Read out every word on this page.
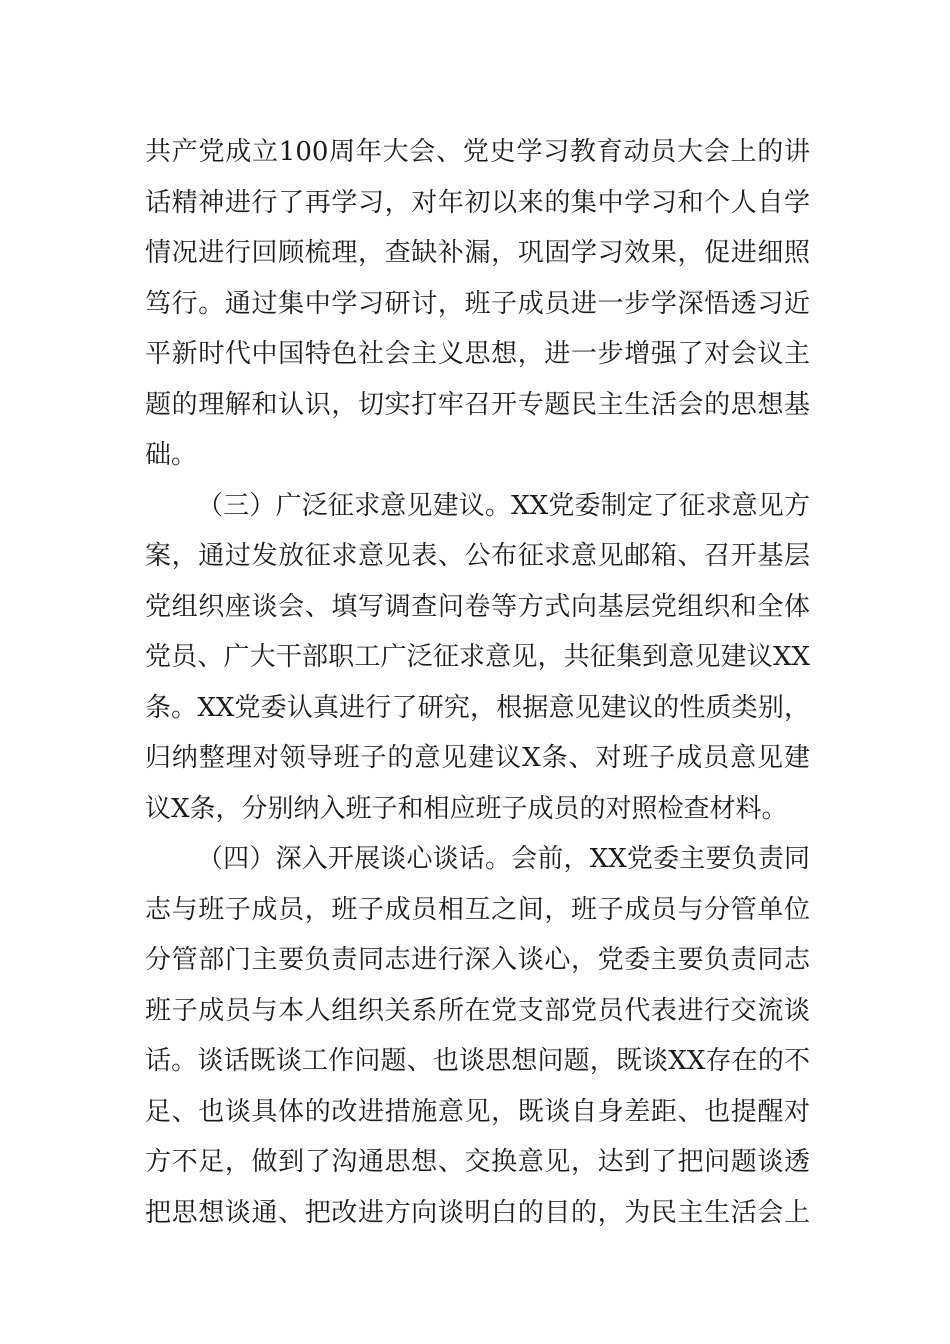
共产党成立100周年大会、党史学习教育动员大会上的讲
话精神进行了再学习，对年初以来的集中学习和个人自学
情况进行回顾梳理，查缺补漏，巩固学习效果，促进细照
笃行。通过集中学习研讨，班子成员进一步学深悟透习近
平新时代中国特色社会主义思想，进一步增强了对会议主
题的理解和认识，切实打牢召开专题民主生活会的思想基
础。
（三）广泛征求意见建议。XX党委制定了征求意见方
案，通过发放征求意见表、公布征求意见邮箱、召开基层
党组织座谈会、填写调查问卷等方式向基层党组织和全体
党员、广大干部职工广泛征求意见，共征集到意见建议XX
条。XX党委认真进行了研究，根据意见建议的性质类别，
归纳整理对领导班子的意见建议X条、对班子成员意见建
议X条，分别纳入班子和相应班子成员的对照检查材料。
（四）深入开展谈心谈话。会前，XX党委主要负责同
志与班子成员，班子成员相互之间，班子成员与分管单位
分管部门主要负责同志进行深入谈心，党委主要负责同志
班子成员与本人组织关系所在党支部党员代表进行交流谈
话。谈话既谈工作问题、也谈思想问题，既谈XX存在的不
足、也谈具体的改进措施意见，既谈自身差距、也提醒对
方不足，做到了沟通思想、交换意见，达到了把问题谈透
把思想谈通、把改进方向谈明白的目的，为民主生活会上
